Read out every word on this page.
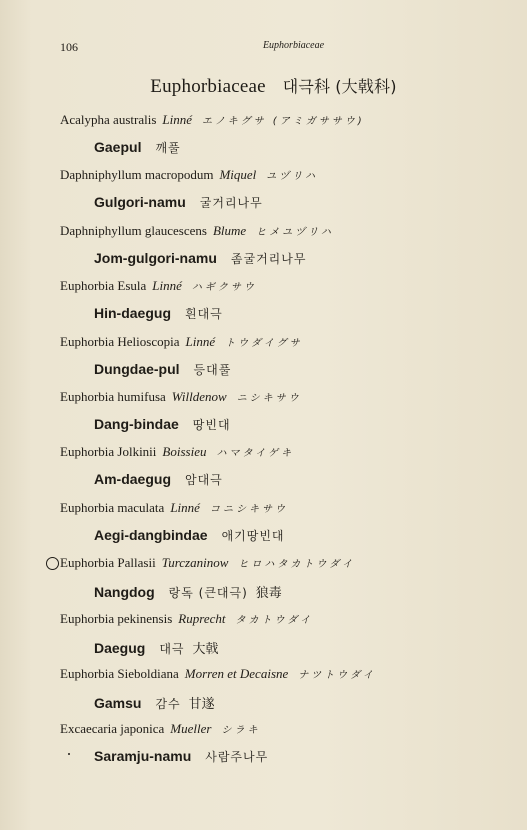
106	Euphorbiaceae
Euphorbiaceae 대극科 (大戟科)
Acalypha australis Linné エノキグサ (アミガササウ)
Gaepul 깨풀
Daphniphyllum macropodum Miquel ユヅリハ
Gulgori-namu 굴거리나무
Daphniphyllum glaucescens Blume ヒメユヅリハ
Jom-gulgori-namu 좀굴거리나무
Euphorbia Esula Linné ハギクサウ
Hin-daegug 흰대극
Euphorbia Helioscopia Linné トウダイグサ
Dungdae-pul 등대풀
Euphorbia humifusa Willdenow ニシキサウ
Dang-bindae 땅빈대
Euphorbia Jolkinii Boissieu ハマタイゲキ
Am-daegug 암대극
Euphorbia maculata Linné コニシキサウ
Aegi-dangbindae 애기땅빈대
Euphorbia Pallasii Turczaninow ヒロハタカトウダイ
Nangdog 랑독 (큰대극) 狼毒
Euphorbia pekinensis Ruprecht タカトウダイ
Daegug 대극 大戟
Euphorbia Sieboldiana Morren et Decaisne ナツトウダイ
Gamsu 감수 甘遂
Excaecaria japonica Mueller シラキ
Saramju-namu 사람주나무
